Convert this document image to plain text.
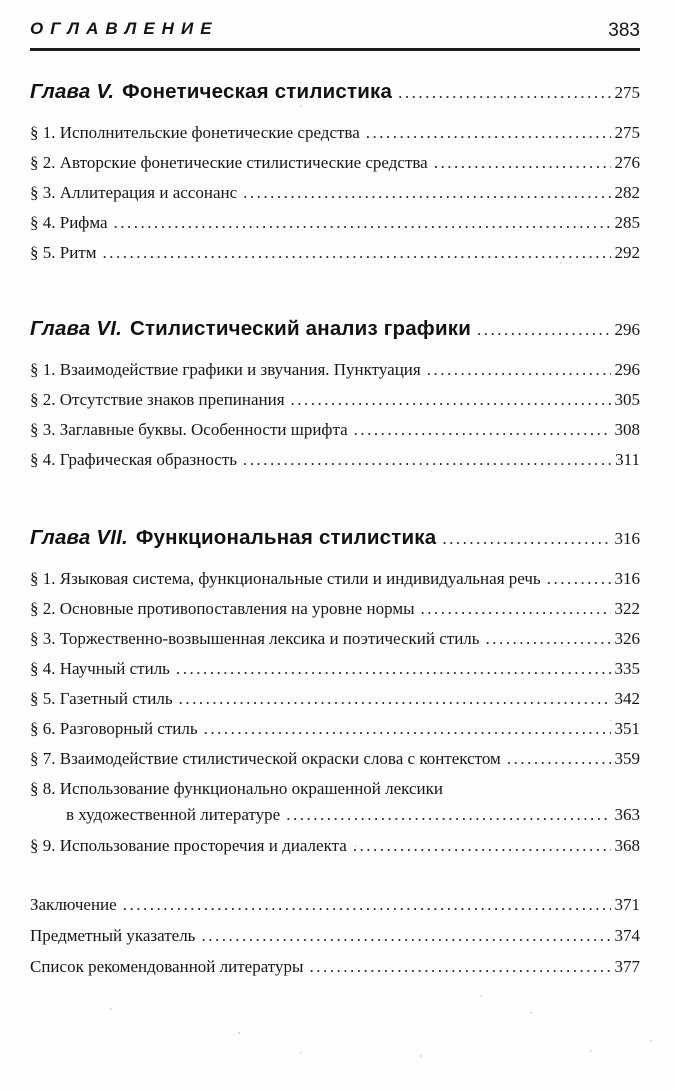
ОГЛАВЛЕНИЕ	383
Глава V. Фонетическая стилистика .....	275
§ 1. Исполнительские фонетические средства .....	275
§ 2. Авторские фонетические стилистические средства .....	276
§ 3. Аллитерация и ассонанс .....	282
§ 4. Рифма .....	285
§ 5. Ритм .....	292
Глава VI. Стилистический анализ графики .....	296
§ 1. Взаимодействие графики и звучания. Пунктуация .....	296
§ 2. Отсутствие знаков препинания .....	305
§ 3. Заглавные буквы. Особенности шрифта .....	308
§ 4. Графическая образность .....	311
Глава VII. Функциональная стилистика .....	316
§ 1. Языковая система, функциональные стили и индивидуальная речь .....	316
§ 2. Основные противопоставления на уровне нормы .....	322
§ 3. Торжественно-возвышенная лексика и поэтический стиль .....	326
§ 4. Научный стиль .....	335
§ 5. Газетный стиль .....	342
§ 6. Разговорный стиль .....	351
§ 7. Взаимодействие стилистической окраски слова с контекстом .....	359
§ 8. Использование функционально окрашенной лексики
в художественной литературе .....	363
§ 9. Использование просторечия и диалекта .....	368
Заключение .....	371
Предметный указатель .....	374
Список рекомендованной литературы .....	377
